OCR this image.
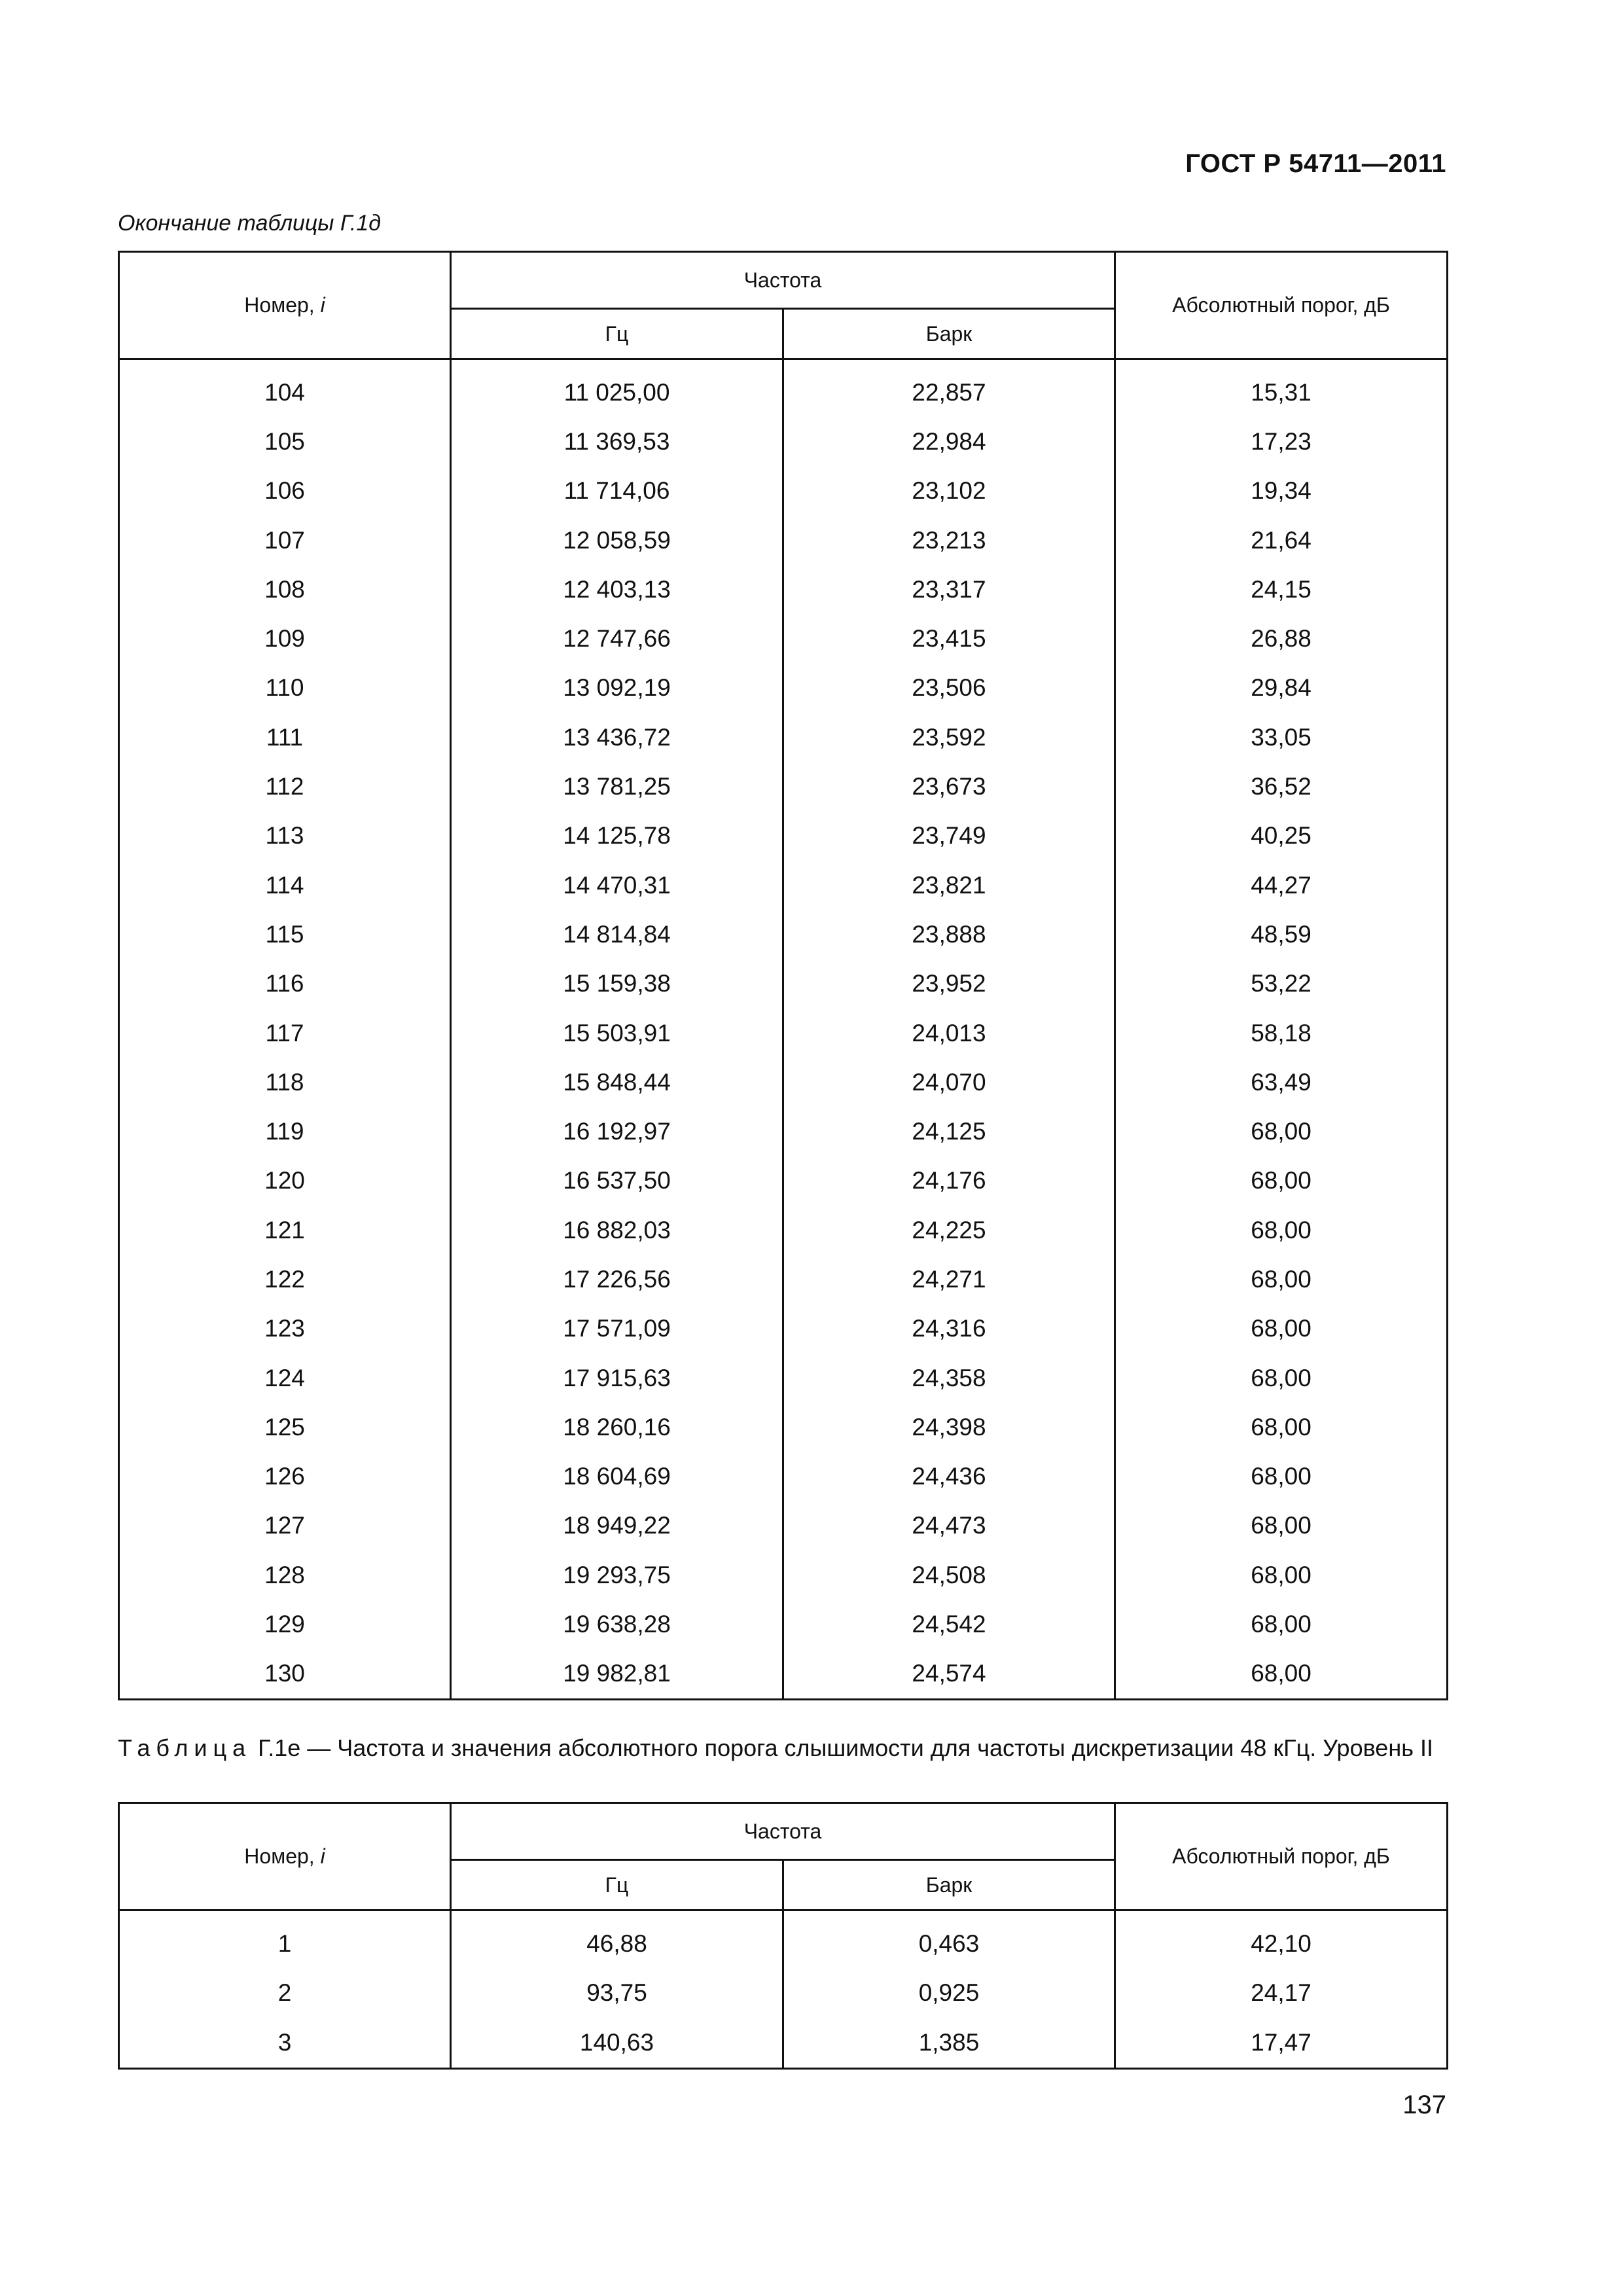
ГОСТ Р 54711—2011
Окончание таблицы Г.1д
Номер, i	Частота		Абсолютный порог, дБ
	Гц	Барк	
104	11 025,00	22,857	15,31
105	11 369,53	22,984	17,23
106	11 714,06	23,102	19,34
107	12 058,59	23,213	21,64
108	12 403,13	23,317	24,15
109	12 747,66	23,415	26,88
110	13 092,19	23,506	29,84
111	13 436,72	23,592	33,05
112	13 781,25	23,673	36,52
113	14 125,78	23,749	40,25
114	14 470,31	23,821	44,27
115	14 814,84	23,888	48,59
116	15 159,38	23,952	53,22
117	15 503,91	24,013	58,18
118	15 848,44	24,070	63,49
119	16 192,97	24,125	68,00
120	16 537,50	24,176	68,00
121	16 882,03	24,225	68,00
122	17 226,56	24,271	68,00
123	17 571,09	24,316	68,00
124	17 915,63	24,358	68,00
125	18 260,16	24,398	68,00
126	18 604,69	24,436	68,00
127	18 949,22	24,473	68,00
128	19 293,75	24,508	68,00
129	19 638,28	24,542	68,00
130	19 982,81	24,574	68,00
Таблица Г.1е — Частота и значения абсолютного порога слышимости для частоты дискретизации 48 кГц. Уровень II
Номер, i	Частота		Абсолютный порог, дБ
	Гц	Барк	
1	46,88	0,463	42,10
2	93,75	0,925	24,17
3	140,63	1,385	17,47
137
